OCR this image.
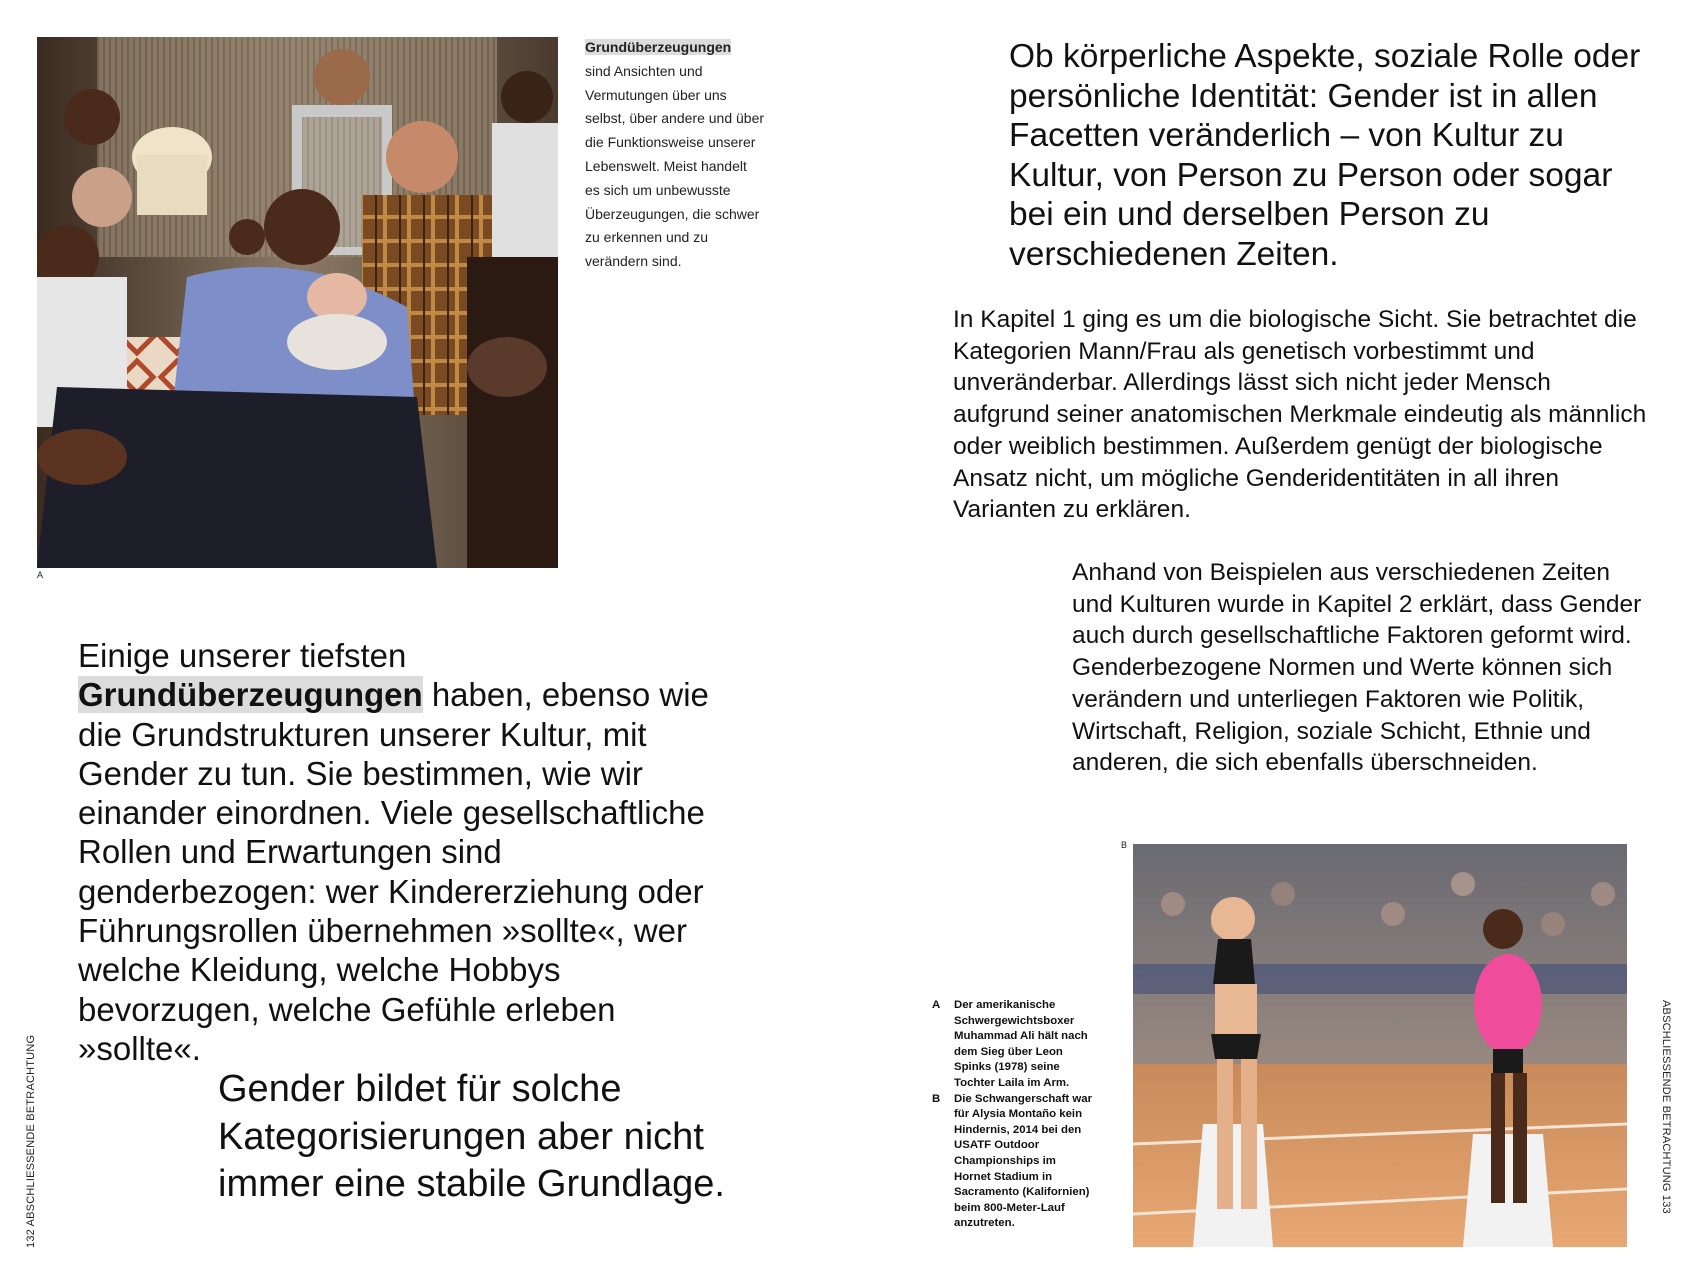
A
Grundüberzeugungen
sind Ansichten und Vermutungen über uns selbst, über andere und über die Funktionsweise unserer Lebenswelt. Meist handelt es sich um unbewusste Überzeugungen, die schwer zu erkennen und zu verändern sind.
Einige unserer tiefsten Grundüberzeugungen haben, ebenso wie die Grundstrukturen unserer Kultur, mit Gender zu tun. Sie bestimmen, wie wir einander einordnen. Viele gesellschaftliche Rollen und Erwartungen sind genderbezogen: wer Kindererziehung oder Führungsrollen übernehmen »sollte«, wer welche Kleidung, welche Hobbys bevorzugen, welche Gefühle erleben »sollte«.
Gender bildet für solche Kategorisierungen aber nicht immer eine stabile Grundlage.
132 ABSCHLIESSENDE BETRACHTUNG
Ob körperliche Aspekte, soziale Rolle oder persönliche Identität: Gender ist in allen Facetten veränderlich – von Kultur zu Kultur, von Person zu Person oder sogar bei ein und derselben Person zu verschiedenen Zeiten.
In Kapitel 1 ging es um die biologische Sicht. Sie betrachtet die Kategorien Mann/Frau als genetisch vorbestimmt und unveränderbar. Allerdings lässt sich nicht jeder Mensch aufgrund seiner anatomischen Merkmale eindeutig als männlich oder weiblich bestimmen. Außerdem genügt der biologische Ansatz nicht, um mögliche Genderidentitäten in all ihren Varianten zu erklären.
Anhand von Beispielen aus verschiedenen Zeiten und Kulturen wurde in Kapitel 2 erklärt, dass Gender auch durch gesellschaftliche Faktoren geformt wird. Genderbezogene Normen und Werte können sich verändern und unterliegen Faktoren wie Politik, Wirtschaft, Religion, soziale Schicht, Ethnie und anderen, die sich ebenfalls überschneiden.
B
A	Der amerikanische Schwergewichtsboxer Muhammad Ali hält nach dem Sieg über Leon Spinks (1978) seine Tochter Laila im Arm.
B	Die Schwangerschaft war für Alysia Montaño kein Hindernis, 2014 bei den USATF Outdoor Championships im Hornet Stadium in Sacramento (Kalifornien) beim 800-Meter-Lauf anzutreten.
ABSCHLIESSENDE BETRACHTUNG 133
